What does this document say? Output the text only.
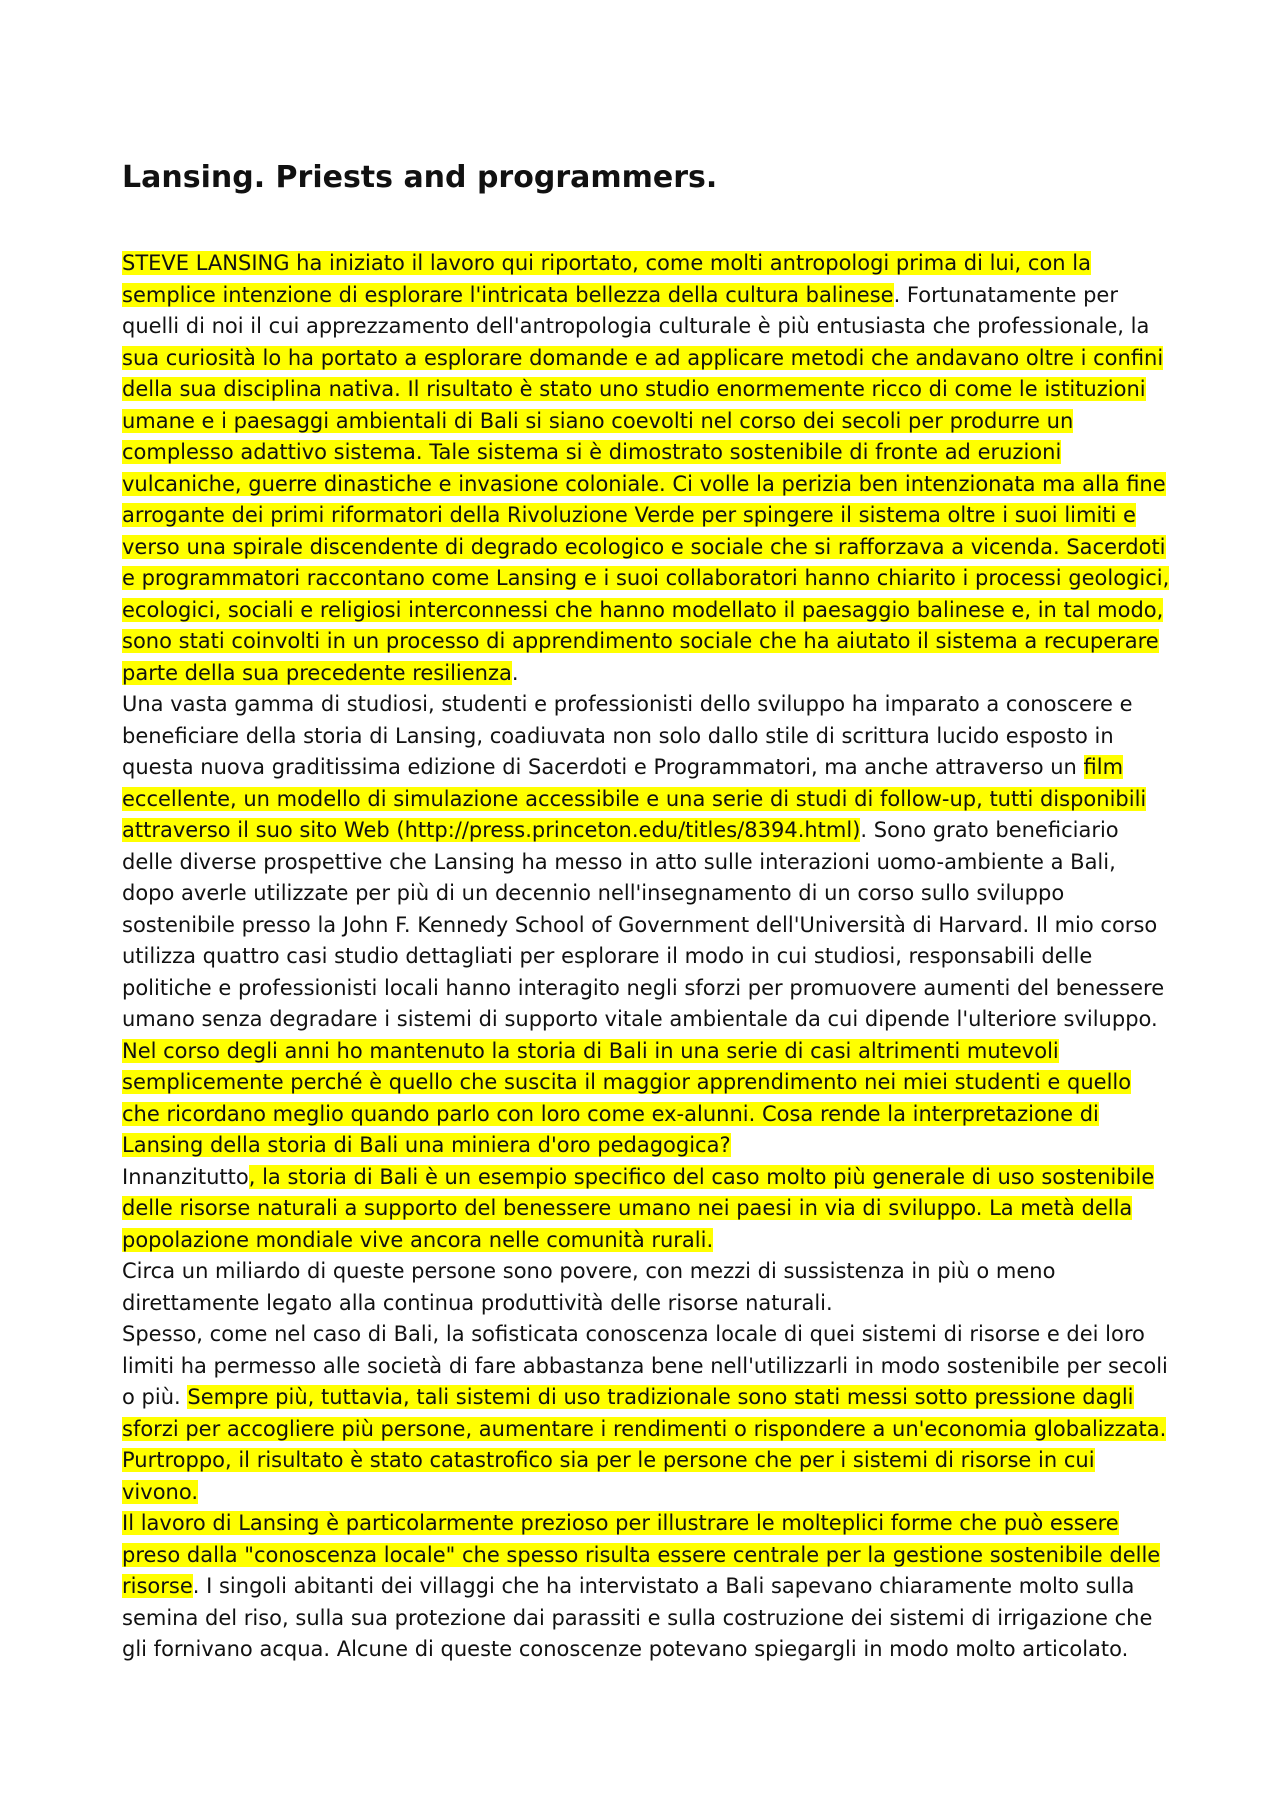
Lansing. Priests and programmers.

STEVE LANSING ha iniziato il lavoro qui riportato, come molti antropologi prima di lui, con la semplice intenzione di esplorare l'intricata bellezza della cultura balinese. Fortunatamente per quelli di noi il cui apprezzamento dell'antropologia culturale è più entusiasta che professionale, la sua curiosità lo ha portato a esplorare domande e ad applicare metodi che andavano oltre i confini della sua disciplina nativa. Il risultato è stato uno studio enormemente ricco di come le istituzioni umane e i paesaggi ambientali di Bali si siano coevolti nel corso dei secoli per produrre un complesso adattivo sistema. Tale sistema si è dimostrato sostenibile di fronte ad eruzioni vulcaniche, guerre dinastiche e invasione coloniale. Ci volle la perizia ben intenzionata ma alla fine arrogante dei primi riformatori della Rivoluzione Verde per spingere il sistema oltre i suoi limiti e verso una spirale discendente di degrado ecologico e sociale che si rafforzava a vicenda. Sacerdoti e programmatori raccontano come Lansing e i suoi collaboratori hanno chiarito i processi geologici, ecologici, sociali e religiosi interconnessi che hanno modellato il paesaggio balinese e, in tal modo, sono stati coinvolti in un processo di apprendimento sociale che ha aiutato il sistema a recuperare parte della sua precedente resilienza.

Una vasta gamma di studiosi, studenti e professionisti dello sviluppo ha imparato a conoscere e beneficiare della storia di Lansing, coadiuvata non solo dallo stile di scrittura lucido esposto in questa nuova graditissima edizione di Sacerdoti e Programmatori, ma anche attraverso un film eccellente, un modello di simulazione accessibile e una serie di studi di follow-up, tutti disponibili attraverso il suo sito Web (http://press.princeton.edu/titles/8394.html). Sono grato beneficiario delle diverse prospettive che Lansing ha messo in atto sulle interazioni uomo-ambiente a Bali, dopo averle utilizzate per più di un decennio nell'insegnamento di un corso sullo sviluppo sostenibile presso la John F. Kennedy School of Government dell'Università di Harvard. Il mio corso utilizza quattro casi studio dettagliati per esplorare il modo in cui studiosi, responsabili delle politiche e professionisti locali hanno interagito negli sforzi per promuovere aumenti del benessere umano senza degradare i sistemi di supporto vitale ambientale da cui dipende l'ulteriore sviluppo. Nel corso degli anni ho mantenuto la storia di Bali in una serie di casi altrimenti mutevoli semplicemente perché è quello che suscita il maggior apprendimento nei miei studenti e quello che ricordano meglio quando parlo con loro come ex-alunni. Cosa rende la interpretazione di Lansing della storia di Bali una miniera d'oro pedagogica?

Innanzitutto, la storia di Bali è un esempio specifico del caso molto più generale di uso sostenibile delle risorse naturali a supporto del benessere umano nei paesi in via di sviluppo. La metà della popolazione mondiale vive ancora nelle comunità rurali.

Circa un miliardo di queste persone sono povere, con mezzi di sussistenza in più o meno direttamente legato alla continua produttività delle risorse naturali.

Spesso, come nel caso di Bali, la sofisticata conoscenza locale di quei sistemi di risorse e dei loro limiti ha permesso alle società di fare abbastanza bene nell'utilizzarli in modo sostenibile per secoli o più. Sempre più, tuttavia, tali sistemi di uso tradizionale sono stati messi sotto pressione dagli sforzi per accogliere più persone, aumentare i rendimenti o rispondere a un'economia globalizzata. Purtroppo, il risultato è stato catastrofico sia per le persone che per i sistemi di risorse in cui vivono.

Il lavoro di Lansing è particolarmente prezioso per illustrare le molteplici forme che può essere preso dalla "conoscenza locale" che spesso risulta essere centrale per la gestione sostenibile delle risorse. I singoli abitanti dei villaggi che ha intervistato a Bali sapevano chiaramente molto sulla semina del riso, sulla sua protezione dai parassiti e sulla costruzione dei sistemi di irrigazione che gli fornivano acqua. Alcune di queste conoscenze potevano spiegargli in modo molto articolato.
